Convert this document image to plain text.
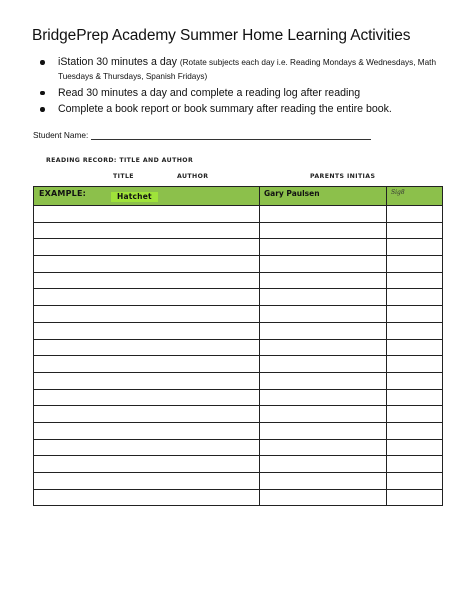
BridgePrep Academy Summer Home Learning Activities
iStation 30 minutes a day (Rotate subjects each day i.e. Reading Mondays & Wednesdays, Math Tuesdays & Thursdays, Spanish Fridays)
Read 30 minutes a day and complete a reading log after reading
Complete a book report or book summary after reading the entire book.
Student Name:
READING RECORD: TITLE AND AUTHOR
TITLE	AUTHOR	PARENTS INITIAS
EXAMPLE: Hatchet	Gary Paulsen	Sig8
